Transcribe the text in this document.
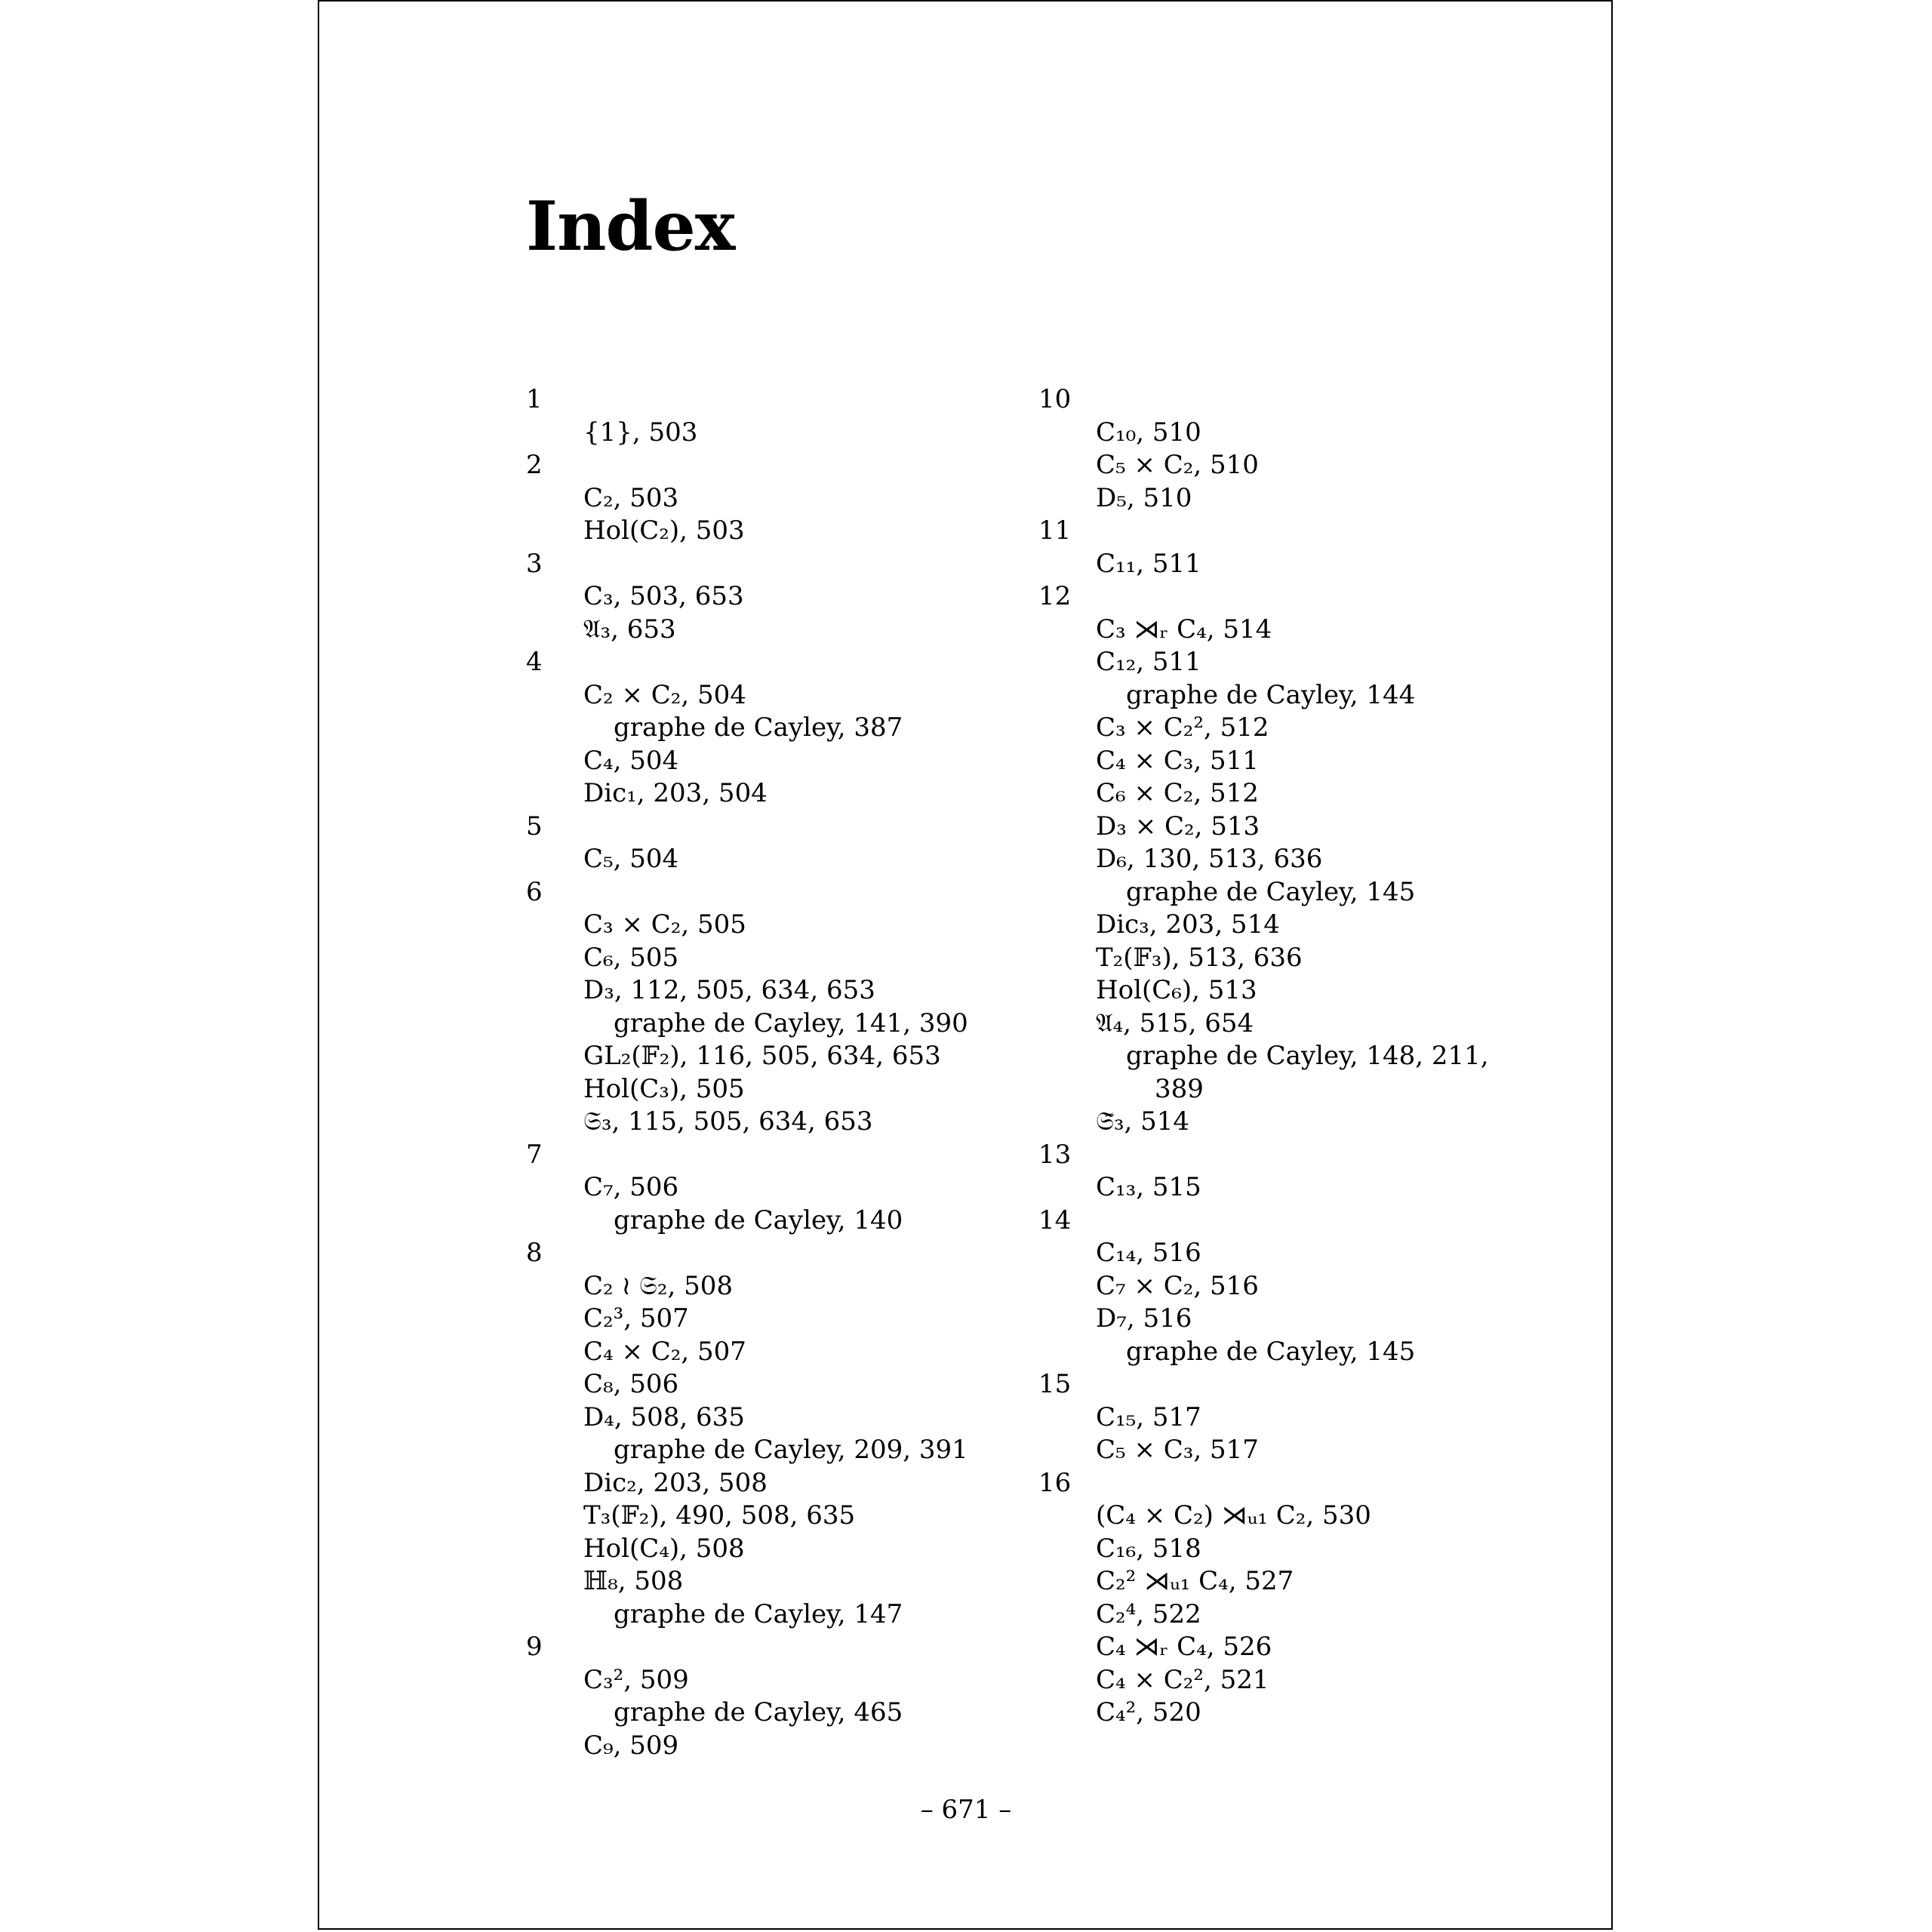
Index
1
{1}, 503
2
C₂, 503
Hol(C₂), 503
3
C₃, 503, 653
𝔄₃, 653
4
C₂ × C₂, 504
graphe de Cayley, 387
C₄, 504
Dic₁, 203, 504
5
C₅, 504
6
C₃ × C₂, 505
C₆, 505
D₃, 112, 505, 634, 653
graphe de Cayley, 141, 390
GL₂(𝔽₂), 116, 505, 634, 653
Hol(C₃), 505
𝔖₃, 115, 505, 634, 653
7
C₇, 506
graphe de Cayley, 140
8
C₂ ≀ 𝔖₂, 508
C₂³, 507
C₄ × C₂, 507
C₈, 506
D₄, 508, 635
graphe de Cayley, 209, 391
Dic₂, 203, 508
T₃(𝔽₂), 490, 508, 635
Hol(C₄), 508
ℍ₈, 508
graphe de Cayley, 147
9
C₃², 509
graphe de Cayley, 465
C₉, 509
10
C₁₀, 510
C₅ × C₂, 510
D₅, 510
11
C₁₁, 511
12
C₃ ⋊ᵣ C₄, 514
C₁₂, 511
graphe de Cayley, 144
C₃ × C₂², 512
C₄ × C₃, 511
C₆ × C₂, 512
D₃ × C₂, 513
D₆, 130, 513, 636
graphe de Cayley, 145
Dic₃, 203, 514
T₂(𝔽₃), 513, 636
Hol(C₆), 513
𝔄₄, 515, 654
graphe de Cayley, 148, 211,
389
𝔖̃₃, 514
13
C₁₃, 515
14
C₁₄, 516
C₇ × C₂, 516
D₇, 516
graphe de Cayley, 145
15
C₁₅, 517
C₅ × C₃, 517
16
(C₄ × C₂) ⋊ᵤ₁ C₂, 530
C₁₆, 518
C₂² ⋊ᵤ₁ C₄, 527
C₂⁴, 522
C₄ ⋊ᵣ C₄, 526
C₄ × C₂², 521
C₄², 520
– 671 –
